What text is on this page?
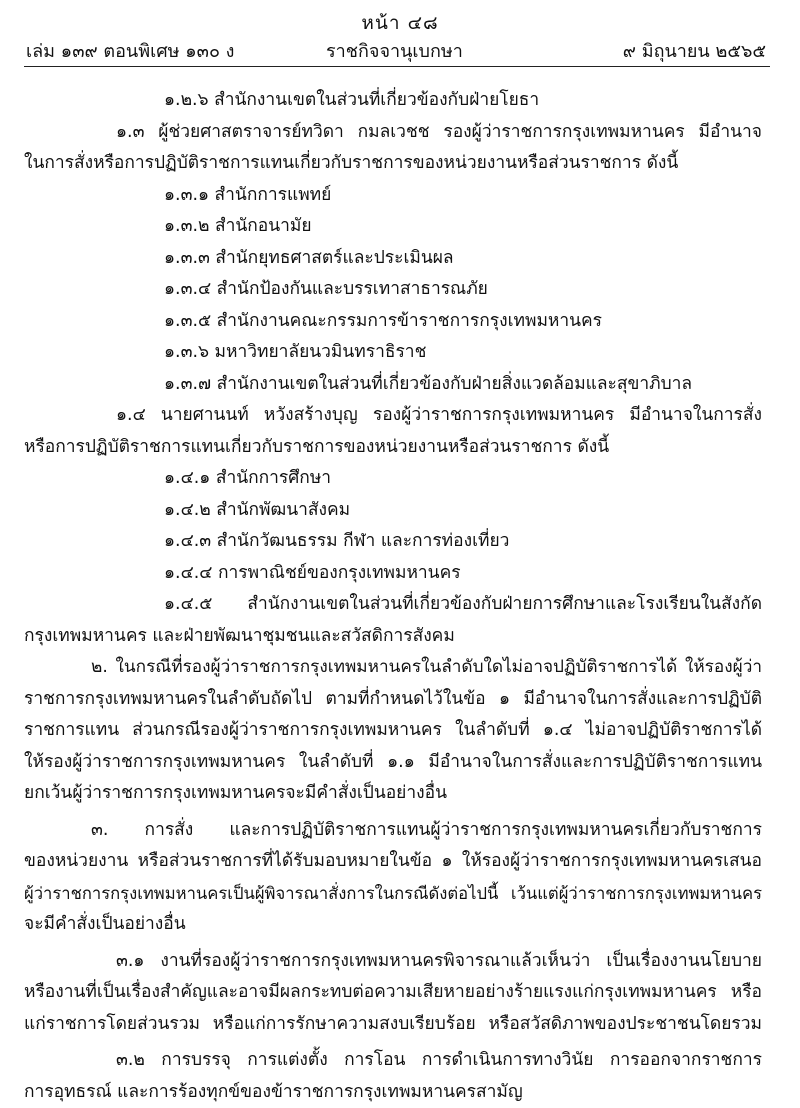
หน้า ๔๘
เล่ม ๑๓๙ ตอนพิเศษ ๑๓๐ ง	ราชกิจจานุเบกษา	๙ มิถุนายน ๒๕๖๕
๑.๒.๖ สำนักงานเขตในส่วนที่เกี่ยวข้องกับฝ่ายโยธา
๑.๓ ผู้ช่วยศาสตราจารย์ทวิดา กมลเวชช รองผู้ว่าราชการกรุงเทพมหานคร มีอำนาจ
ในการสั่งหรือการปฏิบัติราชการแทนเกี่ยวกับราชการของหน่วยงานหรือส่วนราชการ ดังนี้
๑.๓.๑ สำนักการแพทย์
๑.๓.๒ สำนักอนามัย
๑.๓.๓ สำนักยุทธศาสตร์และประเมินผล
๑.๓.๔ สำนักป้องกันและบรรเทาสาธารณภัย
๑.๓.๕ สำนักงานคณะกรรมการข้าราชการกรุงเทพมหานคร
๑.๓.๖ มหาวิทยาลัยนวมินทราธิราช
๑.๓.๗ สำนักงานเขตในส่วนที่เกี่ยวข้องกับฝ่ายสิ่งแวดล้อมและสุขาภิบาล
๑.๔ นายศานนท์ หวังสร้างบุญ รองผู้ว่าราชการกรุงเทพมหานคร มีอำนาจในการสั่ง
หรือการปฏิบัติราชการแทนเกี่ยวกับราชการของหน่วยงานหรือส่วนราชการ ดังนี้
๑.๔.๑ สำนักการศึกษา
๑.๔.๒ สำนักพัฒนาสังคม
๑.๔.๓ สำนักวัฒนธรรม กีฬา และการท่องเที่ยว
๑.๔.๔ การพาณิชย์ของกรุงเทพมหานคร
๑.๔.๕ สำนักงานเขตในส่วนที่เกี่ยวข้องกับฝ่ายการศึกษาและโรงเรียนในสังกัด
กรุงเทพมหานคร และฝ่ายพัฒนาชุมชนและสวัสดิการสังคม
๒. ในกรณีที่รองผู้ว่าราชการกรุงเทพมหานครในลำดับใดไม่อาจปฏิบัติราชการได้ ให้รองผู้ว่า
ราชการกรุงเทพมหานครในลำดับถัดไป ตามที่กำหนดไว้ในข้อ ๑ มีอำนาจในการสั่งและการปฏิบัติ
ราชการแทน ส่วนกรณีรองผู้ว่าราชการกรุงเทพมหานคร ในลำดับที่ ๑.๔ ไม่อาจปฏิบัติราชการได้
ให้รองผู้ว่าราชการกรุงเทพมหานคร ในลำดับที่ ๑.๑ มีอำนาจในการสั่งและการปฏิบัติราชการแทน
ยกเว้นผู้ว่าราชการกรุงเทพมหานครจะมีคำสั่งเป็นอย่างอื่น
๓. การสั่ง และการปฏิบัติราชการแทนผู้ว่าราชการกรุงเทพมหานครเกี่ยวกับราชการ
ของหน่วยงาน หรือส่วนราชการที่ได้รับมอบหมายในข้อ ๑ ให้รองผู้ว่าราชการกรุงเทพมหานครเสนอ
ผู้ว่าราชการกรุงเทพมหานครเป็นผู้พิจารณาสั่งการในกรณีดังต่อไปนี้ เว้นแต่ผู้ว่าราชการกรุงเทพมหานคร
จะมีคำสั่งเป็นอย่างอื่น
๓.๑ งานที่รองผู้ว่าราชการกรุงเทพมหานครพิจารณาแล้วเห็นว่า เป็นเรื่องงานนโยบาย
หรืองานที่เป็นเรื่องสำคัญและอาจมีผลกระทบต่อความเสียหายอย่างร้ายแรงแก่กรุงเทพมหานคร หรือ
แก่ราชการโดยส่วนรวม หรือแก่การรักษาความสงบเรียบร้อย หรือสวัสดิภาพของประชาชนโดยรวม
๓.๒ การบรรจุ การแต่งตั้ง การโอน การดำเนินการทางวินัย การออกจากราชการ
การอุทธรณ์ และการร้องทุกข์ของข้าราชการกรุงเทพมหานครสามัญ
